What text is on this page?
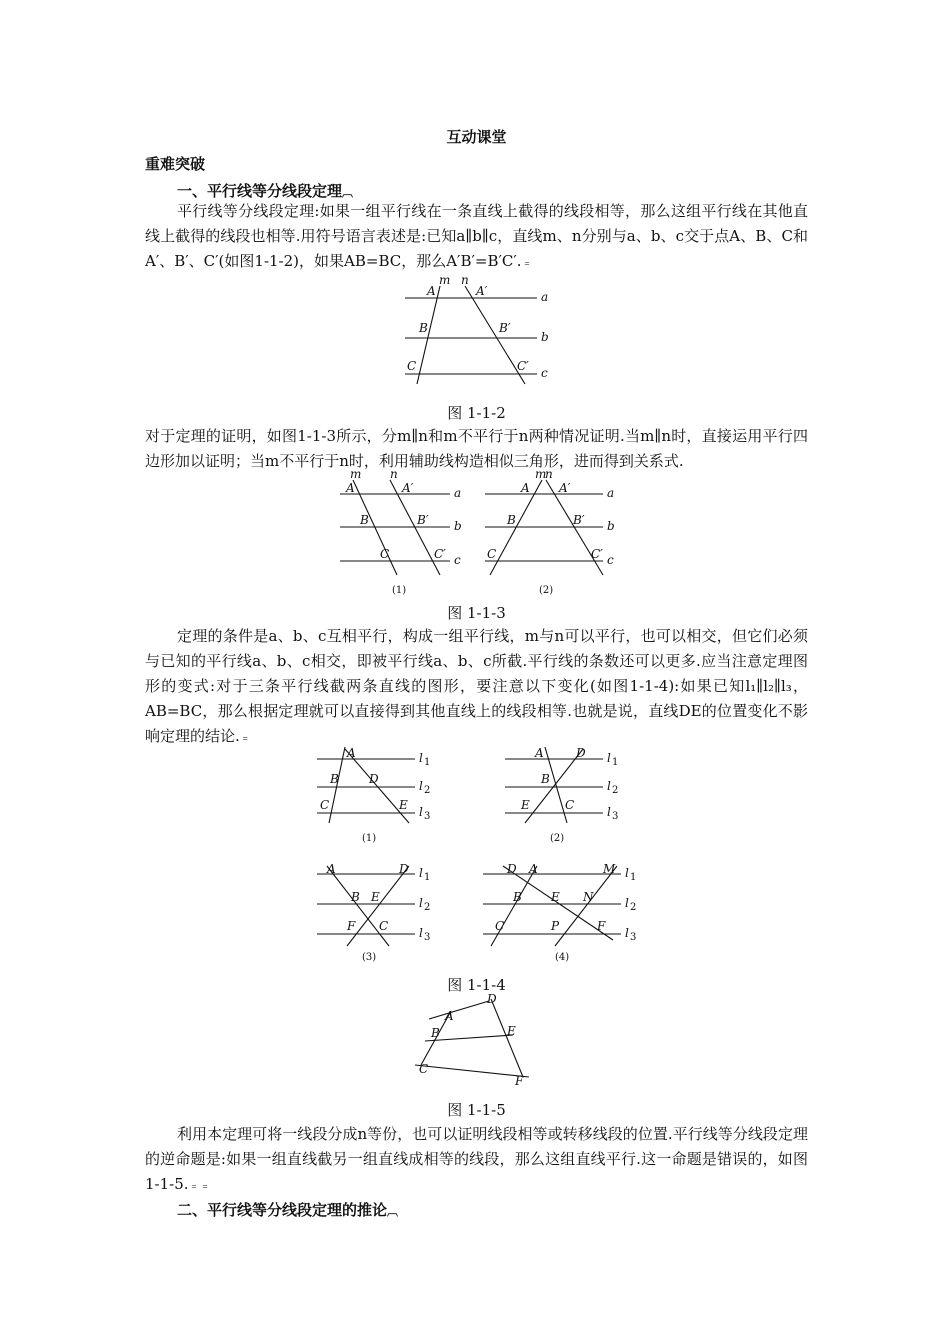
互动课堂
重难突破
一、平行线等分线段定理︹
平行线等分线段定理:如果一组平行线在一条直线上截得的线段相等，那么这组平行线在其他直线上截得的线段也相等.用符号语言表述是:已知a∥b∥c，直线m、n分别与a、b、c交于点A、B、C和A′、B′、C′(如图1-1-2)，如果AB=BC，那么A′B′=B′C′.﹦
m n
A	A′
B	B′
C	C′
a
b
c
图 1-1-2
对于定理的证明，如图1-1-3所示，分m∥n和m不平行于n两种情况证明.当m∥n时，直接运用平行四边形加以证明；当m不平行于n时，利用辅助线构造相似三角形，进而得到关系式.
m n
A	A′
B	B′
C	C′
a
b
c
(1)
m
n
A A′
B	B′
C	C′
a
b
c
(2)
图 1-1-3
定理的条件是a、b、c互相平行，构成一组平行线，m与n可以平行，也可以相交，但它们必须与已知的平行线a、b、c相交，即被平行线a、b、c所截.平行线的条数还可以更多.应当注意定理图形的变式:对于三条平行线截两条直线的图形，要注意以下变化(如图1-1-4):如果已知l₁∥l₂∥l₃，AB=BC，那么根据定理就可以直接得到其他直线上的线段相等.也就是说，直线DE的位置变化不影响定理的结论.﹦
A
B	D
C	E
l 1
l 2
l 3
(1)
A	D
B
E	C
l 1
l 2
l 3
(2)
A	D
B E
F C
l 1
l 2
l 3
(3)
D A	M
B E N
C	P	F
l 1
l 2
l 3
(4)
图 1-1-4
D
A
B	E
C
F
图 1-1-5
利用本定理可将一线段分成n等份，也可以证明线段相等或转移线段的位置.平行线等分线段定理的逆命题是:如果一组直线截另一组直线成相等的线段，那么这组直线平行.这一命题是错误的，如图1-1-5.﹦﹦
二、平行线等分线段定理的推论︹
